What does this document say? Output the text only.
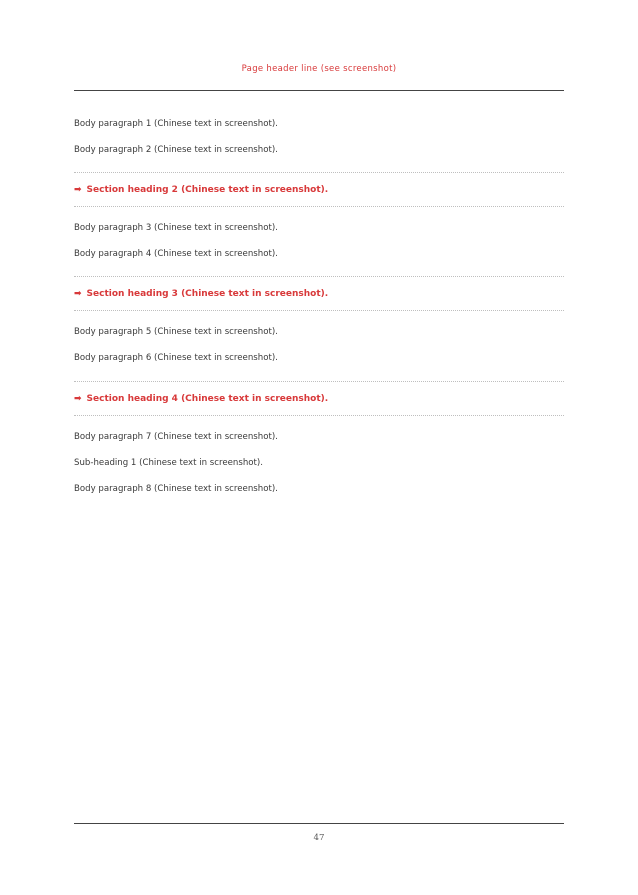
Page header line (see screenshot)

Body paragraph 1 (Chinese text in screenshot).

Body paragraph 2 (Chinese text in screenshot).

➡ Section heading 2 (Chinese text in screenshot).

Body paragraph 3 (Chinese text in screenshot).

Body paragraph 4 (Chinese text in screenshot).

➡ Section heading 3 (Chinese text in screenshot).

Body paragraph 5 (Chinese text in screenshot).

Body paragraph 6 (Chinese text in screenshot).

➡ Section heading 4 (Chinese text in screenshot).

Body paragraph 7 (Chinese text in screenshot).

Sub-heading 1 (Chinese text in screenshot).

Body paragraph 8 (Chinese text in screenshot).

47
